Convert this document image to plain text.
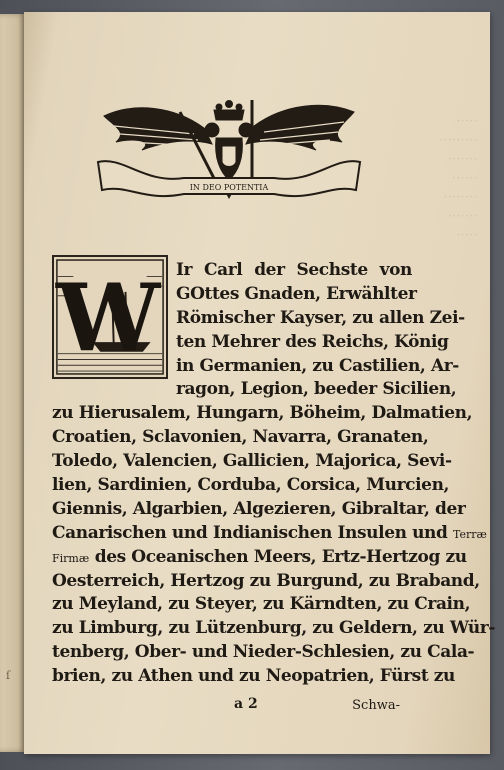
ſ
·····
·········
·······
······
········
·······
·····
IN DEO POTENTIA
W Ir Carl der Sechste von
GOttes Gnaden, Erwählter
Römischer Kayser, zu allen Zei-
ten Mehrer des Reichs, König
in Germanien, zu Castilien, Ar-
ragon, Legion, beeder Sicilien,
zu Hierusalem, Hungarn, Böheim, Dalmatien,
Croatien, Sclavonien, Navarra, Granaten,
Toledo, Valencien, Gallicien, Majorica, Sevi-
lien, Sardinien, Corduba, Corsica, Murcien,
Giennis, Algarbien, Algezieren, Gibraltar, der
Canarischen und Indianischen Insulen und Terræ
Firmæ des Oceanischen Meers, Ertz-Hertzog zu
Oesterreich, Hertzog zu Burgund, zu Braband,
zu Meyland, zu Steyer, zu Kärndten, zu Crain,
zu Limburg, zu Lützenburg, zu Geldern, zu Wür-
tenberg, Ober- und Nieder-Schlesien, zu Cala-
brien, zu Athen und zu Neopatrien, Fürst zu
a 2	Schwa-
